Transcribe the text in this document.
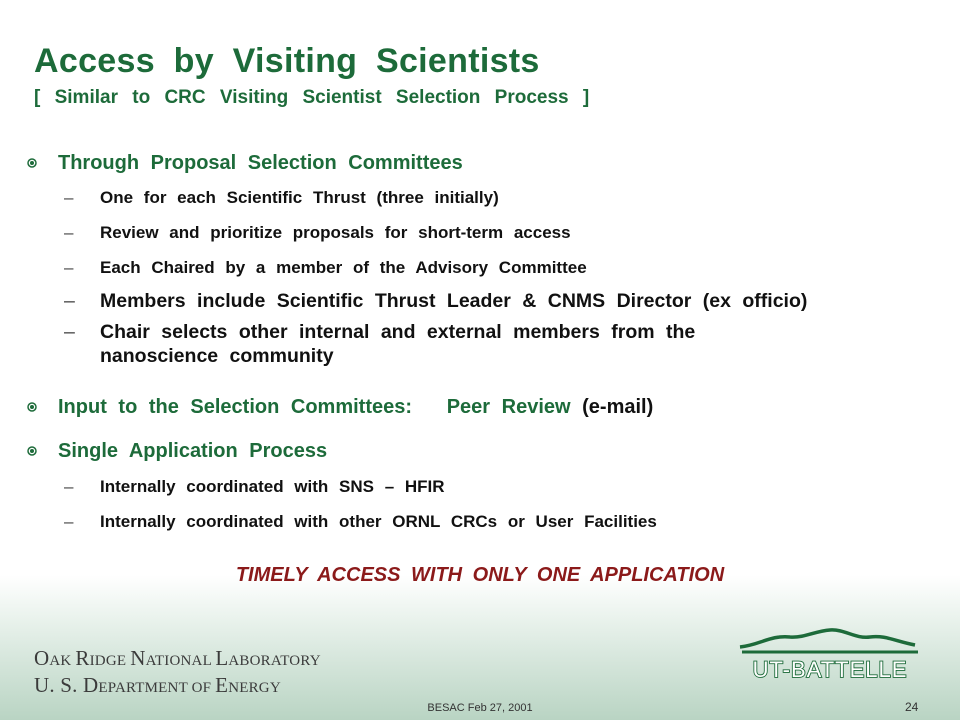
Access by Visiting Scientists
[ Similar to CRC Visiting Scientist Selection Process ]
Through Proposal Selection Committees
– One for each Scientific Thrust (three initially)
– Review and prioritize proposals for short-term access
– Each Chaired by a member of the Advisory Committee
– Members include Scientific Thrust Leader & CNMS Director (ex officio)
– Chair selects other internal and external members from the
nanoscience community
Input to the Selection Committees: Peer Review (e-mail)
Single Application Process
– Internally coordinated with SNS – HFIR
– Internally coordinated with other ORNL CRCs or User Facilities

TIMELY ACCESS WITH ONLY ONE APPLICATION

OAK RIDGE NATIONAL LABORATORY
U. S. DEPARTMENT OF ENERGY
UT-BATTELLE
BESAC Feb 27, 2001	24
